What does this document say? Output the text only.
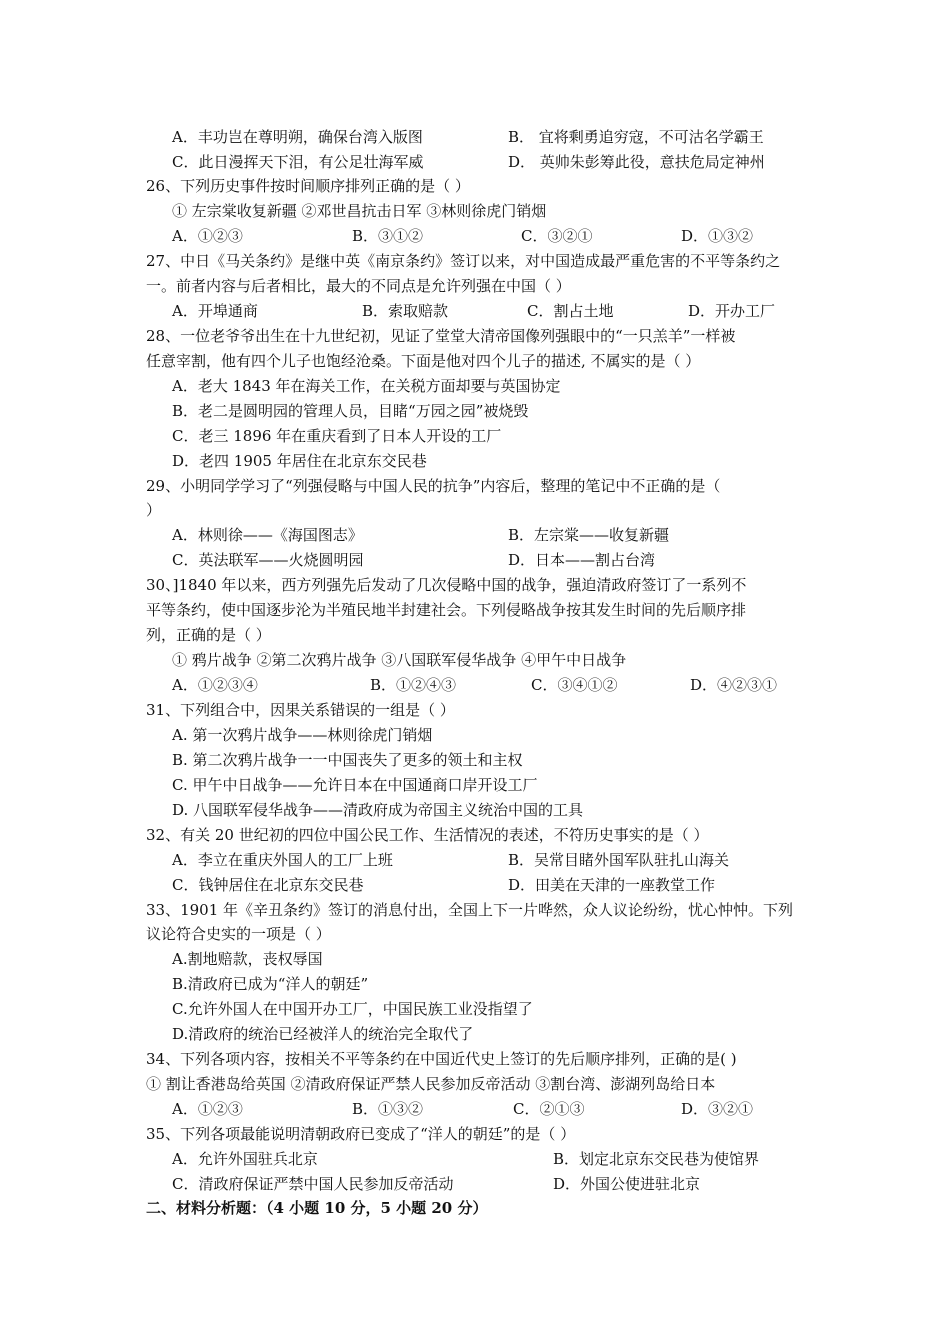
A．丰功岂在尊明朔，确保台湾入版图	B． 宜将剩勇追穷寇，不可沽名学霸王
C．此日漫挥天下泪，有公足壮海军威	D． 英帅朱彭筹此役，意扶危局定神州
26、下列历史事件按时间顺序排列正确的是（ ）
① 左宗棠收复新疆 ②邓世昌抗击日军 ③林则徐虎门销烟
A．①②③	B．③①②	C．③②①	D．①③②
27、中日《马关条约》是继中英《南京条约》签订以来，对中国造成最严重危害的不平等条约之
一。前者内容与后者相比，最大的不同点是允许列强在中国（ ）
A．开埠通商	B．索取赔款	C．割占土地	D．开办工厂
28、一位老爷爷出生在十九世纪初，见证了堂堂大清帝国像列强眼中的“一只羔羊”一样被
任意宰割，他有四个儿子也饱经沧桑。下面是他对四个儿子的描述, 不属实的是（ ）
A．老大 1843 年在海关工作，在关税方面却要与英国协定
B．老二是圆明园的管理人员，目睹“万园之园”被烧毁
C．老三 1896 年在重庆看到了日本人开设的工厂
D．老四 1905 年居住在北京东交民巷
29、小明同学学习了“列强侵略与中国人民的抗争”内容后，整理的笔记中不正确的是（
）
A．林则徐——《海国图志》	B．左宗棠——收复新疆
C．英法联军——火烧圆明园	D．日本——割占台湾
30、]1840 年以来，西方列强先后发动了几次侵略中国的战争，强迫清政府签订了一系列不
平等条约，使中国逐步沦为半殖民地半封建社会。下列侵略战争按其发生时间的先后顺序排
列，正确的是（ ）
① 鸦片战争 ②第二次鸦片战争 ③八国联军侵华战争 ④甲午中日战争
A．①②③④	B．①②④③	C．③④①②	D．④②③①
31、下列组合中，因果关系错误的一组是（ ）
A. 第一次鸦片战争——林则徐虎门销烟
B. 第二次鸦片战争一一中国丧失了更多的领土和主权
C. 甲午中日战争——允许日本在中国通商口岸开设工厂
D. 八国联军侵华战争——清政府成为帝国主义统治中国的工具
32、有关 20 世纪初的四位中国公民工作、生活情况的表述，不符历史事实的是（ ）
A．李立在重庆外国人的工厂上班	B．吴常目睹外国军队驻扎山海关
C．钱钟居住在北京东交民巷	D．田美在天津的一座教堂工作
33、1901 年《辛丑条约》签订的消息付出，全国上下一片哗然，众人议论纷纷，忧心忡忡。下列
议论符合史实的一项是（ ）
A.割地赔款，丧权辱国
B.清政府已成为“洋人的朝廷”
C.允许外国人在中国开办工厂，中国民族工业没指望了
D.清政府的统治已经被洋人的统治完全取代了
34、下列各项内容，按相关不平等条约在中国近代史上签订的先后顺序排列，正确的是( )
① 割让香港岛给英国 ②清政府保证严禁人民参加反帝活动 ③割台湾、澎湖列岛给日本
A．①②③	B．①③②	C．②①③	D．③②①
35、下列各项最能说明清朝政府已变成了“洋人的朝廷”的是（ ）
A．允许外国驻兵北京	B．划定北京东交民巷为使馆界
C．清政府保证严禁中国人民参加反帝活动	D．外国公使进驻北京
二、材料分析题：（4 小题 10 分，5 小题 20 分）
